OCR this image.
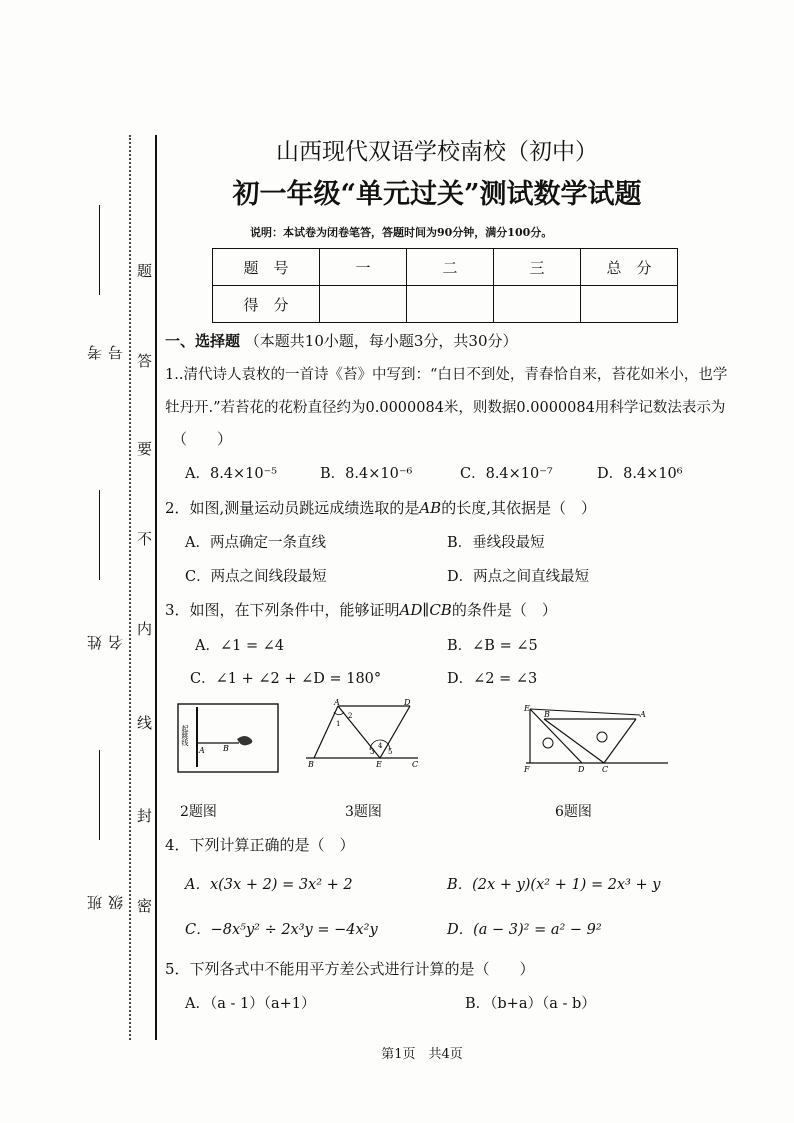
题
答
要
不
内
线
封
密
考号
姓名
班级
山西现代双语学校南校（初中）
初一年级“单元过关”测试数学试题
说明：本试卷为闭卷笔答，答题时间为90分钟，满分100分。
题　号	一	二	三	总　分
得　分				
一、选择题 （本题共10小题，每小题3分，共30分）
1..清代诗人袁枚的一首诗《苔》中写到：“白日不到处，青春恰自来，苔花如米小，也学
牡丹开.”若苔花的花粉直径约为0.0000084米，则数据0.0000084用科学记数法表示为
（　　）
A．8.4×10⁻⁵	B．8.4×10⁻⁶	C．8.4×10⁻⁷	D．8.4×10⁶
2．如图,测量运动员跳远成绩选取的是AB的长度,其依据是（　）
A．两点确定一条直线	B．垂线段最短
C．两点之间线段最短	D．两点之间直线最短
3．如图，在下列条件中，能够证明AD∥CB的条件是（　）
A．∠1 = ∠4	B．∠B = ∠5
C．∠1 + ∠2 + ∠D = 180°	D．∠2 = ∠3
起跳线
A B
A	D
B	E	C
1
2
3
4
5
E
B	A
F	D C
2题图	3题图	6题图
4．下列计算正确的是（　）
A．x(3x + 2) = 3x² + 2	B．(2x + y)(x² + 1) = 2x³ + y
C．−8x⁵y² ÷ 2x³y = −4x²y	D．(a − 3)² = a² − 9²
5．下列各式中不能用平方差公式进行计算的是（　　）
A．（a - 1）（a+1）	B．（b+a）（a - b）
第1页　共4页
